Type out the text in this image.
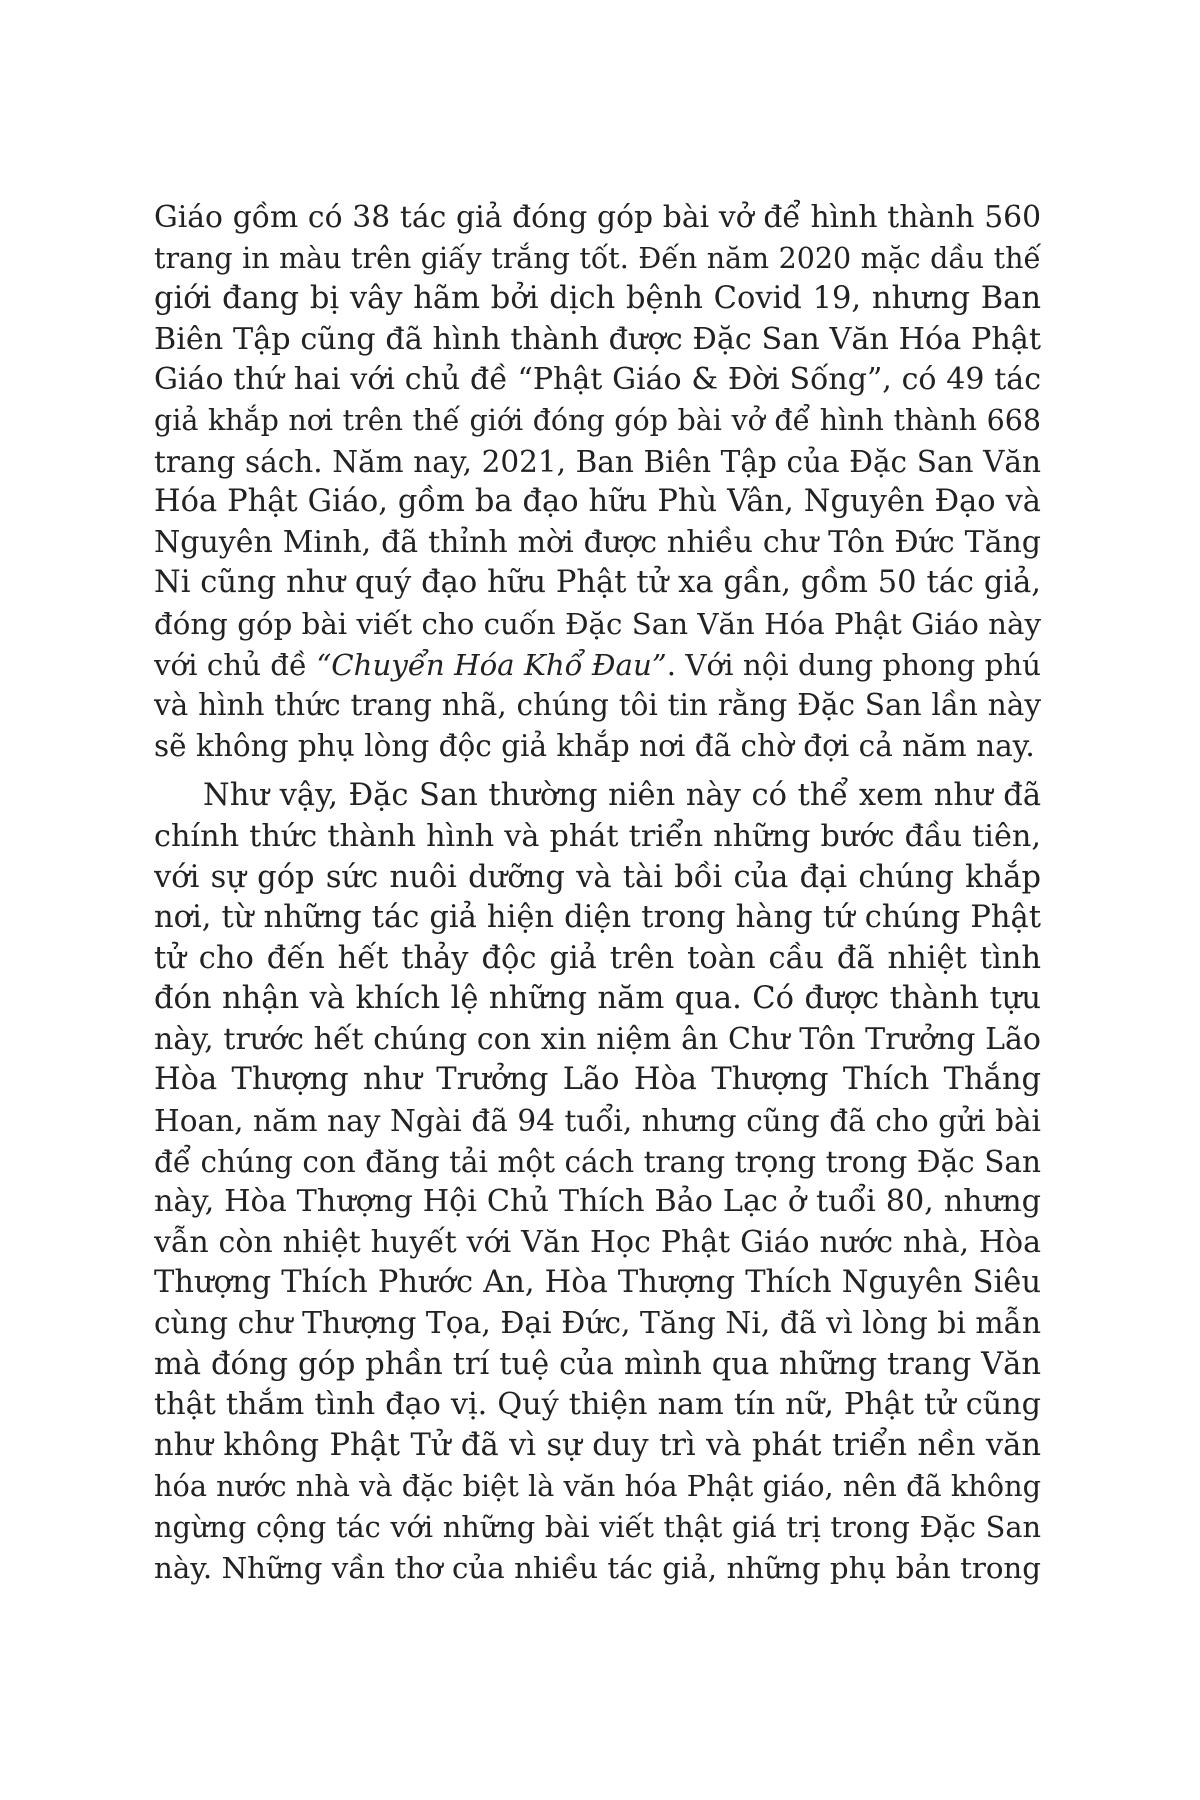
Giáo gồm có 38 tác giả đóng góp bài vở để hình thành 560
trang in màu trên giấy trắng tốt. Đến năm 2020 mặc dầu thế
giới đang bị vây hãm bởi dịch bệnh Covid 19, nhưng Ban
Biên Tập cũng đã hình thành được Đặc San Văn Hóa Phật
Giáo thứ hai với chủ đề “Phật Giáo & Đời Sống”, có 49 tác
giả khắp nơi trên thế giới đóng góp bài vở để hình thành 668
trang sách. Năm nay, 2021, Ban Biên Tập của Đặc San Văn
Hóa Phật Giáo, gồm ba đạo hữu Phù Vân, Nguyên Đạo và
Nguyên Minh, đã thỉnh mời được nhiều chư Tôn Đức Tăng
Ni cũng như quý đạo hữu Phật tử xa gần, gồm 50 tác giả,
đóng góp bài viết cho cuốn Đặc San Văn Hóa Phật Giáo này
với chủ đề “Chuyển Hóa Khổ Đau”. Với nội dung phong phú
và hình thức trang nhã, chúng tôi tin rằng Đặc San lần này
sẽ không phụ lòng độc giả khắp nơi đã chờ đợi cả năm nay.
Như vậy, Đặc San thường niên này có thể xem như đã
chính thức thành hình và phát triển những bước đầu tiên,
với sự góp sức nuôi dưỡng và tài bồi của đại chúng khắp
nơi, từ những tác giả hiện diện trong hàng tứ chúng Phật
tử cho đến hết thảy độc giả trên toàn cầu đã nhiệt tình
đón nhận và khích lệ những năm qua. Có được thành tựu
này, trước hết chúng con xin niệm ân Chư Tôn Trưởng Lão
Hòa Thượng như Trưởng Lão Hòa Thượng Thích Thắng
Hoan, năm nay Ngài đã 94 tuổi, nhưng cũng đã cho gửi bài
để chúng con đăng tải một cách trang trọng trong Đặc San
này, Hòa Thượng Hội Chủ Thích Bảo Lạc ở tuổi 80, nhưng
vẫn còn nhiệt huyết với Văn Học Phật Giáo nước nhà, Hòa
Thượng Thích Phước An, Hòa Thượng Thích Nguyên Siêu
cùng chư Thượng Tọa, Đại Đức, Tăng Ni, đã vì lòng bi mẫn
mà đóng góp phần trí tuệ của mình qua những trang Văn
thật thắm tình đạo vị. Quý thiện nam tín nữ, Phật tử cũng
như không Phật Tử đã vì sự duy trì và phát triển nền văn
hóa nước nhà và đặc biệt là văn hóa Phật giáo, nên đã không
ngừng cộng tác với những bài viết thật giá trị trong Đặc San
này. Những vần thơ của nhiều tác giả, những phụ bản trong
